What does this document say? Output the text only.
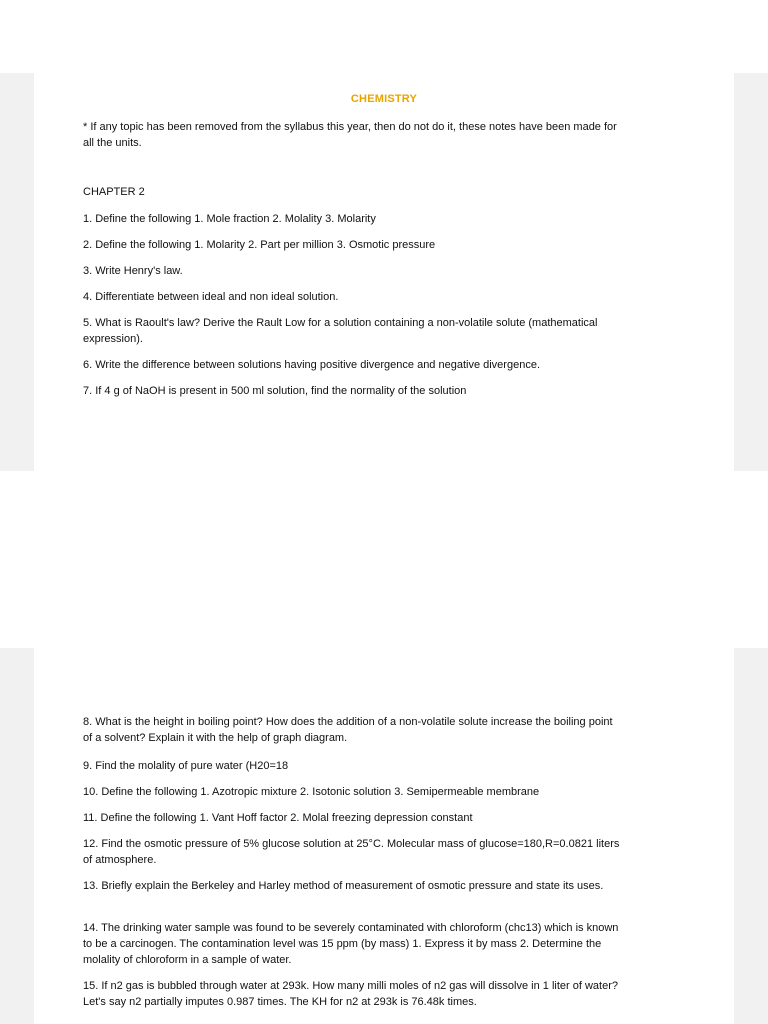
CHEMISTRY
* If any topic has been removed from the syllabus this year, then do not do it, these notes have been made for all the units.
CHAPTER 2
1. Define the following 1. Mole fraction 2. Molality 3. Molarity
2. Define the following 1. Molarity 2. Part per million 3. Osmotic pressure
3. Write Henry's law.
4. Differentiate between ideal and non ideal solution.
5. What is Raoult's law? Derive the Rault Low for a solution containing a non-volatile solute (mathematical expression).
6. Write the difference between solutions having positive divergence and negative divergence.
7. If 4 g of NaOH is present in 500 ml solution, find the normality of the solution
8. What is the height in boiling point? How does the addition of a non-volatile solute increase the boiling point of a solvent? Explain it with the help of graph diagram.
9. Find the molality of pure water (H20=18
10. Define the following 1. Azotropic mixture 2. Isotonic solution 3. Semipermeable membrane
11. Define the following 1. Vant Hoff factor 2. Molal freezing depression constant
12. Find the osmotic pressure of 5% glucose solution at 25°C. Molecular mass of glucose=180,R=0.0821 liters of atmosphere.
13. Briefly explain the Berkeley and Harley method of measurement of osmotic pressure and state its uses.
14. The drinking water sample was found to be severely contaminated with chloroform (chc13) which is known to be a carcinogen. The contamination level was 15 ppm (by mass) 1. Express it by mass 2. Determine the molality of chloroform in a sample of water.
15. If n2 gas is bubbled through water at 293k. How many milli moles of n2 gas will dissolve in 1 liter of water? Let's say n2 partially imputes 0.987 times. The KH for n2 at 293k is 76.48k times.
